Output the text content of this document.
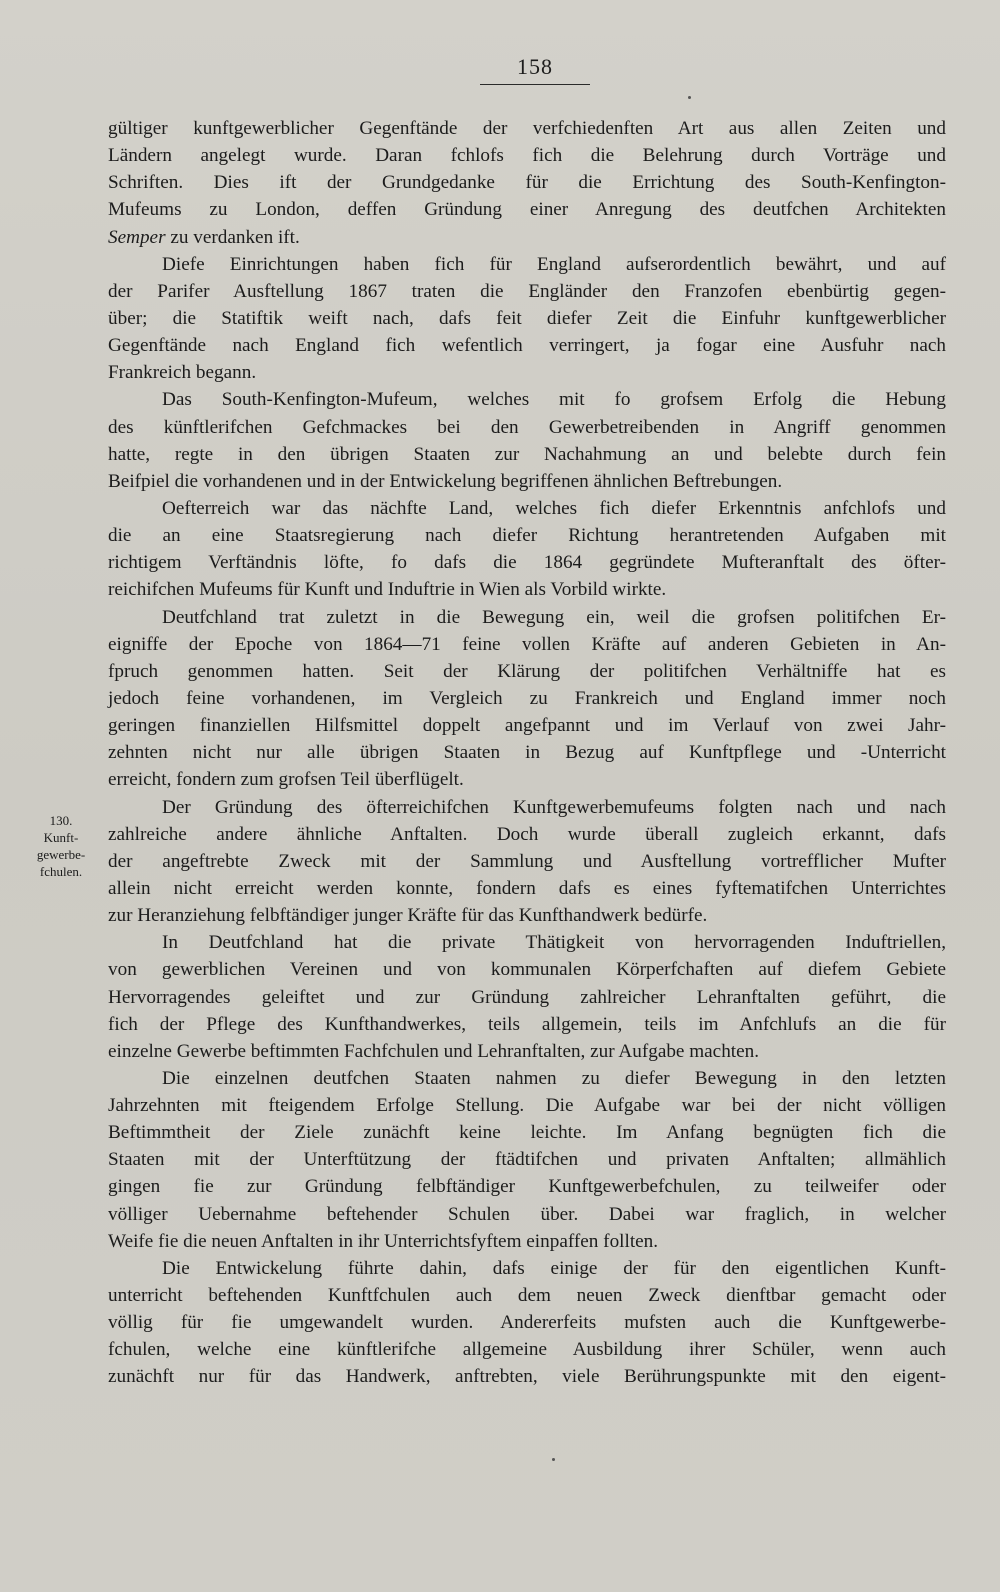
158
130.
Kunft-
gewerbe-
fchulen.

gültiger kunftgewerblicher Gegenftände der verfchiedenften Art aus allen Zeiten und
Ländern angelegt wurde. Daran fchlofs fich die Belehrung durch Vorträge und
Schriften. Dies ift der Grundgedanke für die Errichtung des South-Kenfington-
Mufeums zu London, deffen Gründung einer Anregung des deutfchen Architekten
Semper zu verdanken ift.

Diefe Einrichtungen haben fich für England aufserordentlich bewährt, und auf
der Parifer Ausftellung 1867 traten die Engländer den Franzofen ebenbürtig gegen-
über; die Statiftik weift nach, dafs feit diefer Zeit die Einfuhr kunftgewerblicher
Gegenftände nach England fich wefentlich verringert, ja fogar eine Ausfuhr nach
Frankreich begann.

Das South-Kenfington-Mufeum, welches mit fo grofsem Erfolg die Hebung
des künftlerifchen Gefchmackes bei den Gewerbetreibenden in Angriff genommen
hatte, regte in den übrigen Staaten zur Nachahmung an und belebte durch fein
Beifpiel die vorhandenen und in der Entwickelung begriffenen ähnlichen Beftrebungen.

Oefterreich war das nächfte Land, welches fich diefer Erkenntnis anfchlofs und
die an eine Staatsregierung nach diefer Richtung herantretenden Aufgaben mit
richtigem Verftändnis löfte, fo dafs die 1864 gegründete Mufteranftalt des öfter-
reichifchen Mufeums für Kunft und Induftrie in Wien als Vorbild wirkte.

Deutfchland trat zuletzt in die Bewegung ein, weil die grofsen politifchen Er-
eigniffe der Epoche von 1864—71 feine vollen Kräfte auf anderen Gebieten in An-
fpruch genommen hatten. Seit der Klärung der politifchen Verhältniffe hat es
jedoch feine vorhandenen, im Vergleich zu Frankreich und England immer noch
geringen finanziellen Hilfsmittel doppelt angefpannt und im Verlauf von zwei Jahr-
zehnten nicht nur alle übrigen Staaten in Bezug auf Kunftpflege und -Unterricht
erreicht, fondern zum grofsen Teil überflügelt.

Der Gründung des öfterreichifchen Kunftgewerbemufeums folgten nach und nach
zahlreiche andere ähnliche Anftalten. Doch wurde überall zugleich erkannt, dafs
der angeftrebte Zweck mit der Sammlung und Ausftellung vortrefflicher Mufter
allein nicht erreicht werden konnte, fondern dafs es eines fyftematifchen Unterrichtes
zur Heranziehung felbftändiger junger Kräfte für das Kunfthandwerk bedürfe.

In Deutfchland hat die private Thätigkeit von hervorragenden Induftriellen,
von gewerblichen Vereinen und von kommunalen Körperfchaften auf diefem Gebiete
Hervorragendes geleiftet und zur Gründung zahlreicher Lehranftalten geführt, die
fich der Pflege des Kunfthandwerkes, teils allgemein, teils im Anfchlufs an die für
einzelne Gewerbe beftimmten Fachfchulen und Lehranftalten, zur Aufgabe machten.

Die einzelnen deutfchen Staaten nahmen zu diefer Bewegung in den letzten
Jahrzehnten mit fteigendem Erfolge Stellung. Die Aufgabe war bei der nicht völligen
Beftimmtheit der Ziele zunächft keine leichte. Im Anfang begnügten fich die
Staaten mit der Unterftützung der ftädtifchen und privaten Anftalten; allmählich
gingen fie zur Gründung felbftändiger Kunftgewerbefchulen, zu teilweifer oder
völliger Uebernahme beftehender Schulen über. Dabei war fraglich, in welcher
Weife fie die neuen Anftalten in ihr Unterrichtsfyftem einpaffen follten.

Die Entwickelung führte dahin, dafs einige der für den eigentlichen Kunft-
unterricht beftehenden Kunftfchulen auch dem neuen Zweck dienftbar gemacht oder
völlig für fie umgewandelt wurden. Andererfeits mufsten auch die Kunftgewerbe-
fchulen, welche eine künftlerifche allgemeine Ausbildung ihrer Schüler, wenn auch
zunächft nur für das Handwerk, anftrebten, viele Berührungspunkte mit den eigent-
